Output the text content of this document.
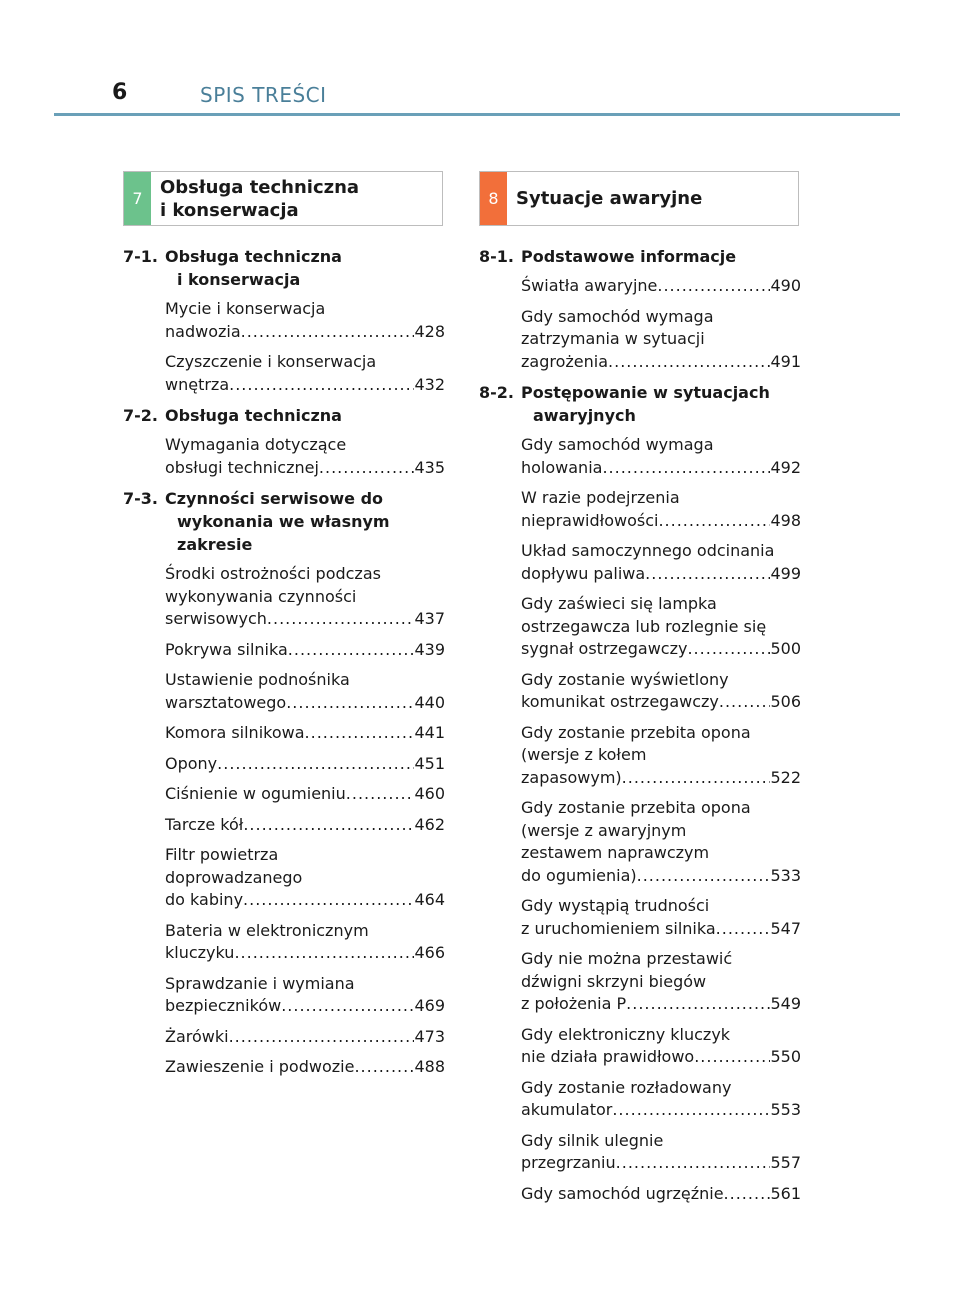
6	SPIS TREŚCI
7
Obsługa techniczna
i konserwacja
7-1. Obsługa techniczna
i konserwacja
Mycie i konserwacja
nadwozia .....	428
Czyszczenie i konserwacja
wnętrza .....	432
7-2. Obsługa techniczna
Wymagania dotyczące
obsługi technicznej .....	435
7-3. Czynności serwisowe do
wykonania we własnym
zakresie
Środki ostrożności podczas
wykonywania czynności
serwisowych .....	437
Pokrywa silnika .....	439
Ustawienie podnośnika
warsztatowego .....	440
Komora silnikowa .....	441
Opony .....	451
Ciśnienie w ogumieniu .....	460
Tarcze kół .....	462
Filtr powietrza
doprowadzanego
do kabiny .....	464
Bateria w elektronicznym
kluczyku .....	466
Sprawdzanie i wymiana
bezpieczników .....	469
Żarówki .....	473
Zawieszenie i podwozie .....	488
8 Sytuacje awaryjne
8-1. Podstawowe informacje
Światła awaryjne .....	490
Gdy samochód wymaga
zatrzymania w sytuacji
zagrożenia .....	491
8-2. Postępowanie w sytuacjach
awaryjnych
Gdy samochód wymaga
holowania .....	492
W razie podejrzenia
nieprawidłowości .....	498
Układ samoczynnego odcinania
dopływu paliwa .....	499
Gdy zaświeci się lampka
ostrzegawcza lub rozlegnie się
sygnał ostrzegawczy .....	500
Gdy zostanie wyświetlony
komunikat ostrzegawczy .....	506
Gdy zostanie przebita opona
(wersje z kołem
zapasowym) .....	522
Gdy zostanie przebita opona
(wersje z awaryjnym
zestawem naprawczym
do ogumienia) .....	533
Gdy wystąpią trudności
z uruchomieniem silnika .....	547
Gdy nie można przestawić
dźwigni skrzyni biegów
z położenia P .....	549
Gdy elektroniczny kluczyk
nie działa prawidłowo .....	550
Gdy zostanie rozładowany
akumulator .....	553
Gdy silnik ulegnie
przegrzaniu .....	557
Gdy samochód ugrzęźnie .....	561
